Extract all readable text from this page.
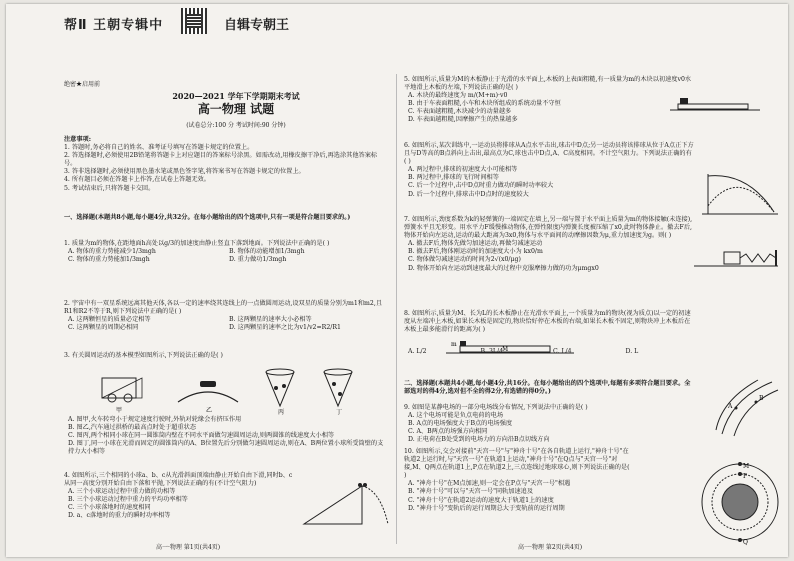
帮Ⅱ 王朝专辑中	自辑专朝王
绝密★启用前
2020—2021 学年下学期期末考试
高一物理 试题
(试卷总分:100 分 考试时间:90 分钟)

注意事项:

1. 答题时,务必将自己的姓名、准考证号填写在答题卡规定的位置上。

2. 答选择题时,必须使用2B铅笔将答题卡上对应题目的答案标号涂黑。如需改动,用橡皮擦干净后,再选涂其他答案标号。

3. 答非选择题时,必须使用黑色墨水笔或黑色签字笔,将答案书写在答题卡规定的位置上。

4. 所有题目必须在答题卡上作答,在试卷上答题无效。

5. 考试结束后,只将答题卡交回。

一、选择题(本题共8小题,每小题4分,共32分。在每小题给出的四个选项中,只有一项是符合题目要求的。)

1. 质量为m的物体,在距地面h高处以g/3的加速度由静止竖直下落到地面。下列说法中正确的是( )

A. 物体的重力势能减少1/3mgh	B. 物体的动能增加1/3mgh

C. 物体的重力势能加1/3mgh	D. 重力做功1/3mgh

2. 宇宙中有一双星系统远离其他天体,各以一定的速率绕其连线上的一点做圆周运动,设双星的质量分别为m1和m2,且R1和R2不等于R,则下列说法中正确的是( )

A. 这两颗恒星的质量必定相等	B. 这两颗星的速率大小必相等

C. 这两颗星的周期必相同	D. 这两颗星的速率之比为v1/v2=R2/R1

3. 有关圆周运动的基本模型如图所示,下列说法正确的是( )

甲	乙	丙	丁

A. 图甲,火车转弯小于规定速度行驶时,外轨对轮缘会有挤压作用

B. 图乙,汽车通过拱桥的最高点时处于超重状态

C. 图丙,两个相同小球在同一圆锥筒内壁在不同水平面做匀速圆周运动,则两圆锥的线速度大小相等

D. 图丁,同一小球在光滑而固定的圆锥筒内的A、B位置先后分别做匀速圆周运动,则在A、B两位置小球所受筒壁的支持力大小相等

4. 如图所示,三个相同的小球a、b、c从光滑斜面顶端由静止开始自由下滑,同时b、c从同一高度分别开始自由下落和平抛,下列说法正确的有(不计空气阻力)

A. 三个小球运动过程中重力做的功相等

B. 三个小球运动过程中重力的平均功率相等

C. 三个小球落地时的速度相同

D. a、c落地时的重力的瞬时功率相等

高一·物理 第1页(共4页)

5. 如图所示,质量为M的木板静止于光滑的水平面上,木板的上表面粗糙,有一质量为m的木块以初速度v0水平地滑上木板的左端,下列说法正确的是( )

A. 木块的最终速度为 m/(M+m)·v0

B. 由于车表面粗糙,小车和木块所组成的系统动量不守恒

C. 车表面越粗糙,木块减少的动量越多

D. 车表面越粗糙,因摩擦产生的热量越多

6. 如图所示,某次训练中,一运动员将排球从A点水平击出,球击中D点;另一运动员将该排球从位于A点正下方且与D等高的B点斜向上击出,最高点为C,球也击中D点,A、C高度相同。不计空气阻力。下列说法正确的有( )

A. 两过程中,排球的初速度大小可能相等

B. 两过程中,排球的飞行时间相等

C. 后一个过程中,击中D点时重力做功的瞬时功率较大

D. 后一个过程中,排球击中D点时的速度较大

7. 如图所示,劲度系数为k的轻弹簧的一端固定在墙上,另一端与置于水平面上质量为m的物体接触(未连接),弹簧水平且无形变。用水平力F缓慢推动物体,在弹性限度内弹簧长度被压缩了x0,此时物体静止。撤去F后,物体开始向左运动,运动的最大距离为3x0,物体与水平面间的动摩擦因数为μ,重力加速度为g。则( )

A. 撤去F后,物体先做匀加速运动,再做匀减速运动

B. 撤去F后,物体刚运动时的加速度大小为 kx0/m

C. 物体做匀减速运动的时间为2√(x0/μg)

D. 物体开始向左运动到速度最大的过程中克服摩擦力做的功为μmgx0

8. 如图所示,质量为M、长为L的长木板静止在光滑水平面上,一个质量为m的物块(视为质点)以一定的初速度从左端冲上木板,如果长木板是固定的,物块恰好停在木板的右端,如果长木板不固定,则物块冲上木板后在木板上最多能滑行的距离为( )

A. L/2	B. 3L/4	C. L/4	D. L

M
m

二、选择题(本题共4小题,每小题4分,共16分。在每小题给出的四个选项中,每题有多项符合题目要求。全部选对的得4分,选对但不全的得2分,有选错的得0分。)

9. 如图是某静电场的一部分电场线分布情况,下列说法中正确的是( )

A. 这个电场可能是负点电荷的电场

B. A点的电场强度大于B点的电场强度

C. A、B两点的场强方向相同

D. 正电荷在B处受到的电场力的方向沿B点切线方向

A
B

10. 如图所示,交会对接前"天宫一号"与"神舟十号"在各自轨道上运行,"神舟十号"在轨道2上运行时,与"天宫一号"在轨道1上运动,"神舟十号"在Q点与"天宫一号"对接,M、Q两点在轨道1上,P点在轨道2上,三点连线过地球球心,则下列说法正确的是( )

A. "神舟十号"在M点加速,则一定会在P点与"天宫一号"相遇

B. "神舟十号"可以与"天宫一号"同轨加速追及

C. "神舟十号"在轨道2运动的速度大于轨道1上的速度

D. "神舟十号"变轨后的运行周期总大于变轨前的运行周期

M
Q
P
高一·物理 第2页(共4页)
